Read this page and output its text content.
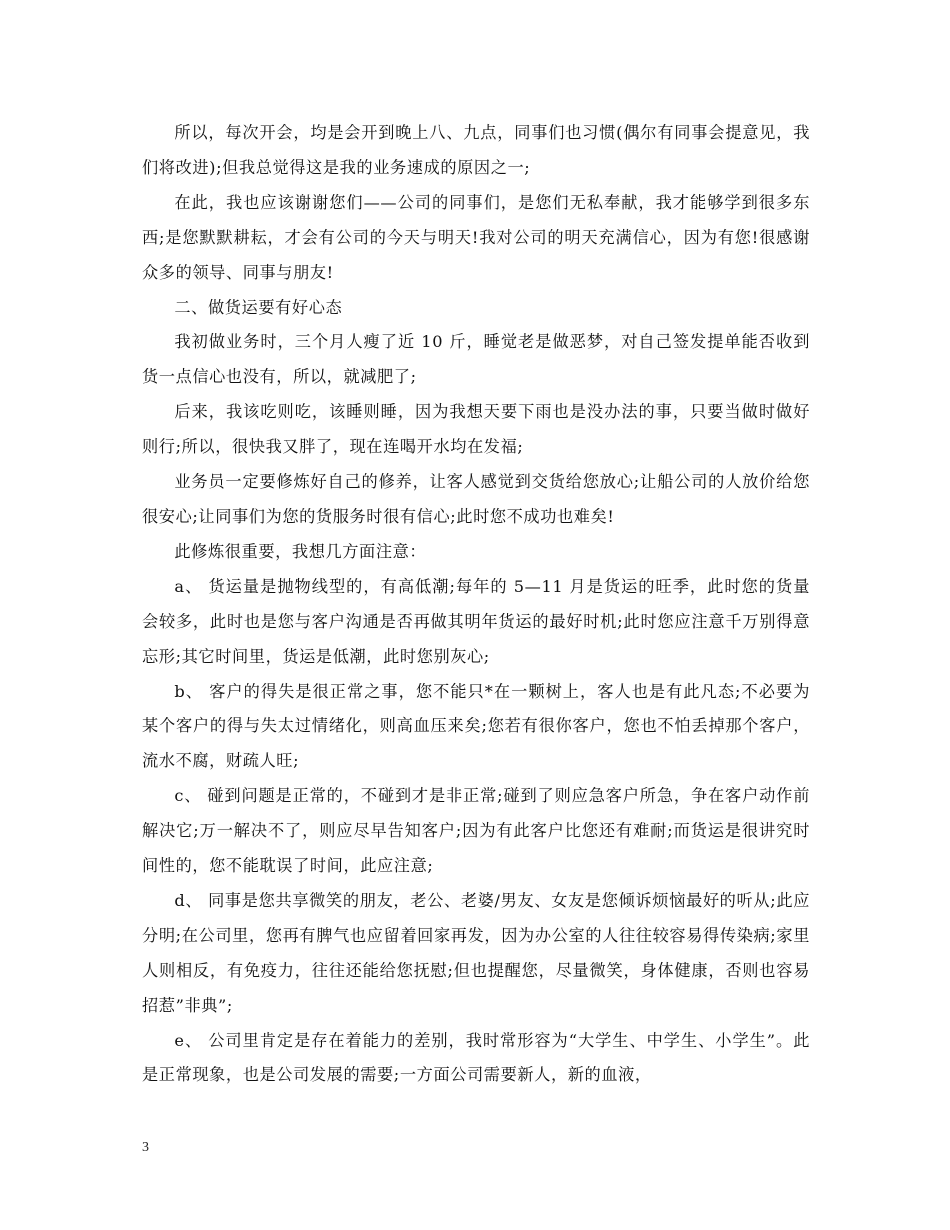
所以，每次开会，均是会开到晚上八、九点，同事们也习惯(偶尔有同事会提意见，我们将改进);但我总觉得这是我的业务速成的原因之一;

在此，我也应该谢谢您们——公司的同事们，是您们无私奉献，我才能够学到很多东西;是您默默耕耘，才会有公司的今天与明天!我对公司的明天充满信心，因为有您!很感谢众多的领导、同事与朋友!

二、做货运要有好心态

我初做业务时，三个月人瘦了近 10 斤，睡觉老是做恶梦，对自己签发提单能否收到货一点信心也没有，所以，就减肥了;

后来，我该吃则吃，该睡则睡，因为我想天要下雨也是没办法的事，只要当做时做好则行;所以，很快我又胖了，现在连喝开水均在发福;

业务员一定要修炼好自己的修养，让客人感觉到交货给您放心;让船公司的人放价给您很安心;让同事们为您的货服务时很有信心;此时您不成功也难矣!

此修炼很重要，我想几方面注意：

a、 货运量是抛物线型的，有高低潮;每年的 5—11 月是货运的旺季，此时您的货量会较多，此时也是您与客户沟通是否再做其明年货运的最好时机;此时您应注意千万别得意忘形;其它时间里，货运是低潮，此时您别灰心;

b、 客户的得失是很正常之事，您不能只*在一颗树上，客人也是有此凡态;不必要为某个客户的得与失太过情绪化，则高血压来矣;您若有很你客户，您也不怕丢掉那个客户，流水不腐，财疏人旺;

c、 碰到问题是正常的，不碰到才是非正常;碰到了则应急客户所急，争在客户动作前解决它;万一解决不了，则应尽早告知客户;因为有此客户比您还有难耐;而货运是很讲究时间性的，您不能耽误了时间，此应注意;

d、 同事是您共享微笑的朋友，老公、老婆/男友、女友是您倾诉烦恼最好的听从;此应分明;在公司里，您再有脾气也应留着回家再发，因为办公室的人往往较容易得传染病;家里人则相反，有免疫力，往往还能给您抚慰;但也提醒您，尽量微笑，身体健康，否则也容易招惹”非典”;

e、 公司里肯定是存在着能力的差别，我时常形容为“大学生、中学生、小学生”。此是正常现象，也是公司发展的需要;一方面公司需要新人，新的血液，

3
